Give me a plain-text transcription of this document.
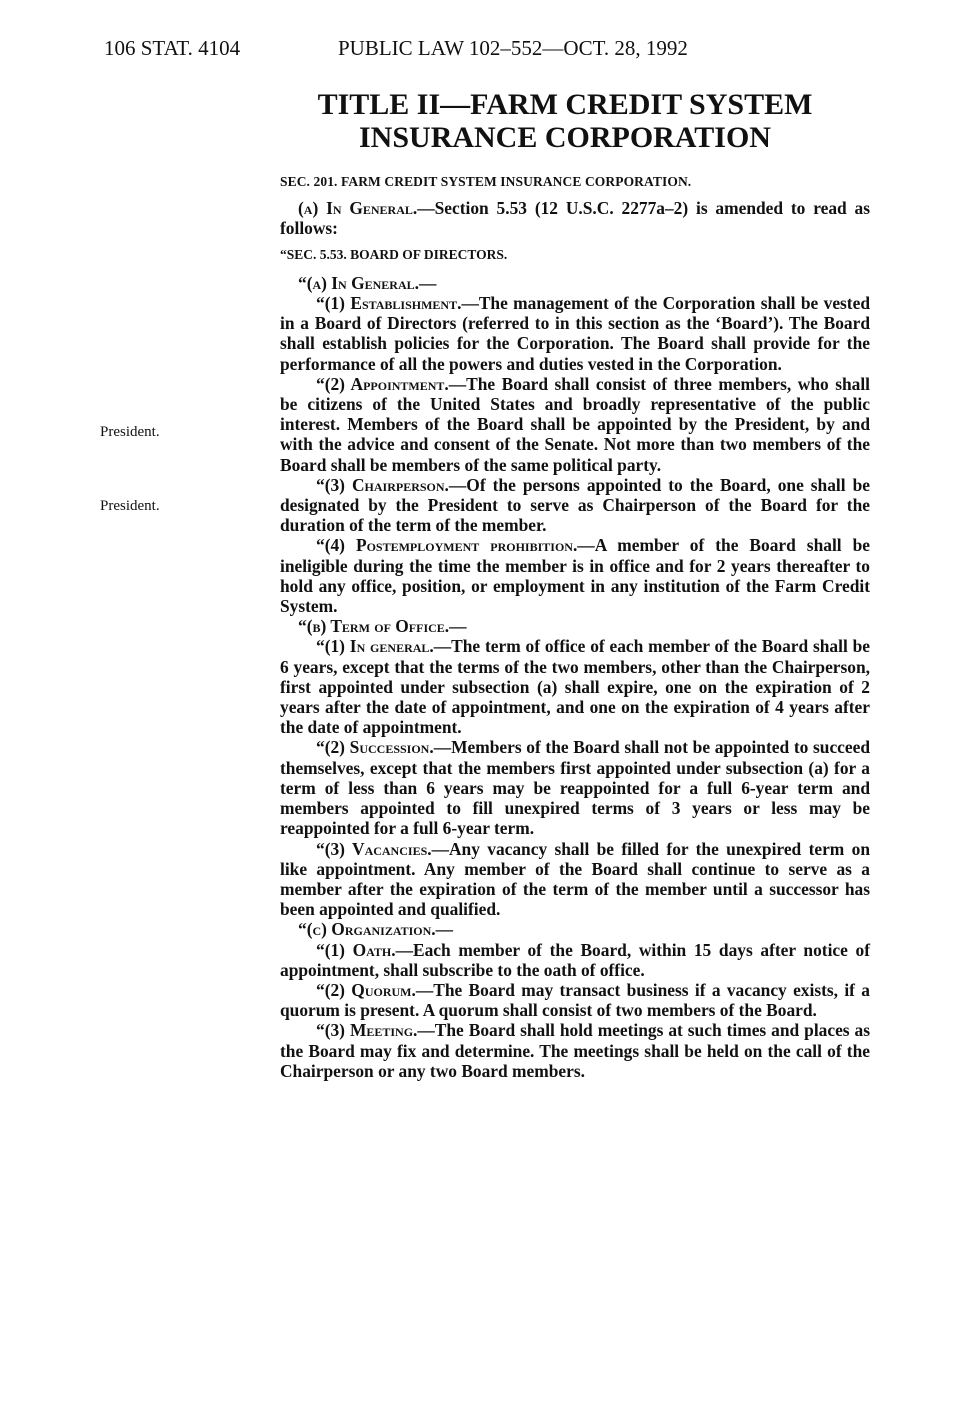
106 STAT. 4104	PUBLIC LAW 102–552—OCT. 28, 1992
TITLE II—FARM CREDIT SYSTEM
INSURANCE CORPORATION
President.
President.

SEC. 201. FARM CREDIT SYSTEM INSURANCE CORPORATION.

(a) In General.—Section 5.53 (12 U.S.C. 2277a–2) is amended to read as follows:

“SEC. 5.53. BOARD OF DIRECTORS.

“(a) In General.—

“(1) Establishment.—The management of the Corporation shall be vested in a Board of Directors (referred to in this section as the ‘Board’). The Board shall establish policies for the Corporation. The Board shall provide for the performance of all the powers and duties vested in the Corporation.

“(2) Appointment.—The Board shall consist of three members, who shall be citizens of the United States and broadly representative of the public interest. Members of the Board shall be appointed by the President, by and with the advice and consent of the Senate. Not more than two members of the Board shall be members of the same political party.

“(3) Chairperson.—Of the persons appointed to the Board, one shall be designated by the President to serve as Chairperson of the Board for the duration of the term of the member.

“(4) Postemployment prohibition.—A member of the Board shall be ineligible during the time the member is in office and for 2 years thereafter to hold any office, position, or employment in any institution of the Farm Credit System.

“(b) Term of Office.—

“(1) In general.—The term of office of each member of the Board shall be 6 years, except that the terms of the two members, other than the Chairperson, first appointed under subsection (a) shall expire, one on the expiration of 2 years after the date of appointment, and one on the expiration of 4 years after the date of appointment.

“(2) Succession.—Members of the Board shall not be appointed to succeed themselves, except that the members first appointed under subsection (a) for a term of less than 6 years may be reappointed for a full 6-year term and members appointed to fill unexpired terms of 3 years or less may be reappointed for a full 6-year term.

“(3) Vacancies.—Any vacancy shall be filled for the unexpired term on like appointment. Any member of the Board shall continue to serve as a member after the expiration of the term of the member until a successor has been appointed and qualified.

“(c) Organization.—

“(1) Oath.—Each member of the Board, within 15 days after notice of appointment, shall subscribe to the oath of office.

“(2) Quorum.—The Board may transact business if a vacancy exists, if a quorum is present. A quorum shall consist of two members of the Board.

“(3) Meeting.—The Board shall hold meetings at such times and places as the Board may fix and determine. The meetings shall be held on the call of the Chairperson or any two Board members.
